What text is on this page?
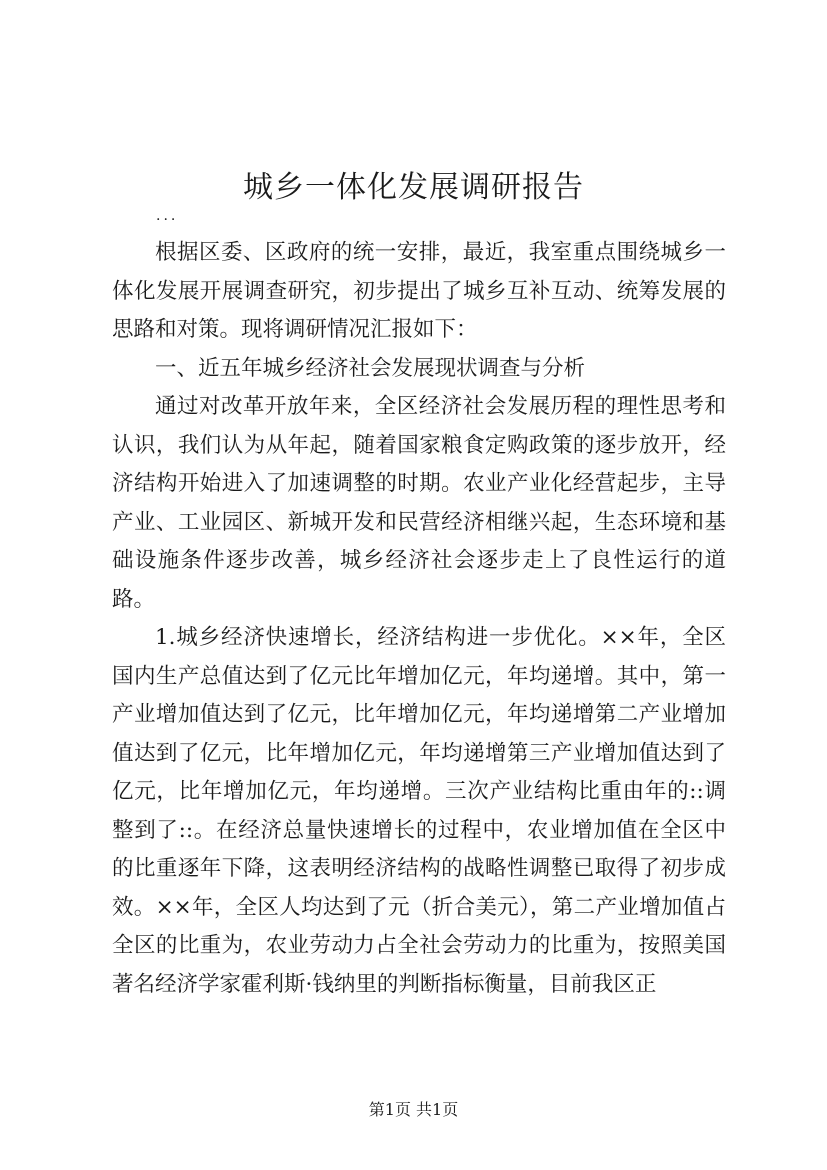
城乡一体化发展调研报告
...

根据区委、区政府的统一安排，最近，我室重点围绕城乡一体化发展开展调查研究，初步提出了城乡互补互动、统筹发展的思路和对策。现将调研情况汇报如下：

一、近五年城乡经济社会发展现状调查与分析

通过对改革开放年来，全区经济社会发展历程的理性思考和认识，我们认为从年起，随着国家粮食定购政策的逐步放开，经济结构开始进入了加速调整的时期。农业产业化经营起步，主导产业、工业园区、新城开发和民营经济相继兴起，生态环境和基础设施条件逐步改善，城乡经济社会逐步走上了良性运行的道路。

1.城乡经济快速增长，经济结构进一步优化。××年，全区国内生产总值达到了亿元比年增加亿元，年均递增。其中，第一产业增加值达到了亿元，比年增加亿元，年均递增第二产业增加值达到了亿元，比年增加亿元，年均递增第三产业增加值达到了亿元，比年增加亿元，年均递增。三次产业结构比重由年的::调整到了::。在经济总量快速增长的过程中，农业增加值在全区中的比重逐年下降，这表明经济结构的战略性调整已取得了初步成效。××年，全区人均达到了元（折合美元），第二产业增加值占全区的比重为，农业劳动力占全社会劳动力的比重为，按照美国著名经济学家霍利斯·钱纳里的判断指标衡量，目前我区正

第1页 共1页
